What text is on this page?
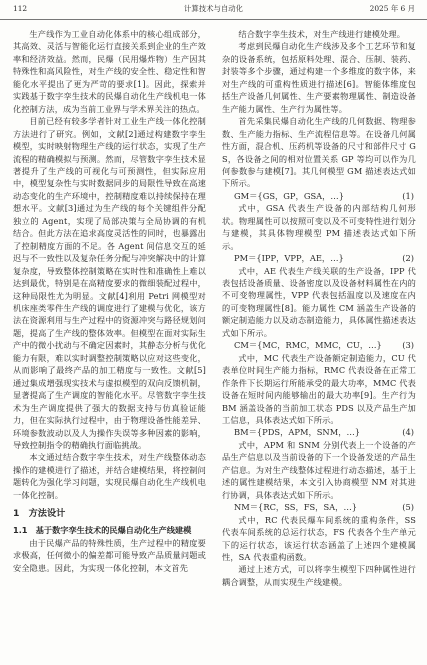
112	计算技术与自动化	2025 年 6 月

生产线作为工业自动化体系中的核心组成部分，其高效、灵活与智能化运行直接关系到企业的生产效率和经济效益。然而，民爆（民用爆炸物）生产因其特殊性和高风险性，对生产线的安全性、稳定性和智能化水平提出了更为严苛的要求[1]。因此，探索并实践基于数字孪生技术的民爆自动化生产线机电一体化控制方法，成为当前工业界与学术界关注的热点。

目前已经有较多学者针对工业生产线一体化控制方法进行了研究。例如，文献[2]通过构建数字孪生模型，实时映射物理生产线的运行状态，实现了生产流程的精确模拟与预测。然而，尽管数字孪生技术显著提升了生产线的可视化与可预测性，但实际应用中，模型复杂性与实时数据同步的局限性导致在高速动态变化的生产环境中，控制精度难以持续保持在理想水平。文献[3]通过为生产线的每个关键组件分配独立的 Agent，实现了局部决策与全局协调的有机结合。但此方法在追求高度灵活性的同时，也暴露出了控制精度方面的不足。各 Agent 间信息交互的延迟与不一致性以及复杂任务分配与冲突解决中的计算复杂度，导致整体控制策略在实时性和准确性上难以达到最优，特别是在高精度要求的微细装配过程中，这种局限性尤为明显。文献[4]利用 Petri 网模型对机床座类零件生产线的调度进行了建模与优化，该方法在资源利用与生产过程中的资源冲突与路径规划问题，提高了生产线的整体效率。但模型在面对实际生产中的微小扰动与不确定因素时，其静态分析与优化能力有限，难以实时调整控制策略以应对这些变化，从而影响了最终产品的加工精度与一致性。文献[5]通过集成增强现实技术与虚拟模型的双向反馈机制，显著提高了生产调度的智能化水平。尽管数字孪生技术为生产调度提供了强大的数据支持与仿真验证能力，但在实际执行过程中，由于物理设备性能差异、环境参数波动以及人为操作失误等多种因素的影响，导致控制指令的精确执行面临挑战。

本文通过结合数字孪生技术，对生产线整体动态操作的建模进行了描述，并结合建模结果，将控制问题转化为强化学习问题，实现民爆自动化生产线机电一体化控制。

1　方法设计
1.1　基于数字孪生技术的民爆自动化生产线建模

由于民爆产品的特殊性质，生产过程中的精度要求极高，任何微小的偏差都可能导致产品质量问题或安全隐患。因此，为实现一体化控制，本文首先

结合数字孪生技术，对生产线进行建模处理。

考虑到民爆自动化生产线涉及多个工艺环节和复杂的设备系统，包括原料处理、混合、压制、装药、封装等多个步骤，通过构建一个多维度的数字体，来对生产线的可重构性质进行描述[6]。智能体维度包括生产设备几何属性、生产要素物理属性、制造设备生产能力属性、生产行为属性等。

首先采集民爆自动化生产线的几何数据、物理参数、生产能力指标、生产流程信息等。在设备几何属性方面，混合机、压药机等设备的尺寸和部件尺寸 GS，各设备之间的相对位置关系 GP 等均可以作为几何参数参与建模[7]。其几何模型 GM 描述表达式如下所示。

GM＝{GS，GP，GSA，…}	(1)

式中，GSA 代表生产设备的内部结构几何形状。物理属性可以按照可变以及不可变特性进行划分与建模，其具体物理模型 PM 描述表达式如下所示。

PM＝{IPP，VPP，AE，…}	(2)

式中，AE 代表生产线关联的生产设备，IPP 代表包括设备质量、设备密度以及设备材料属性在内的不可变物理属性，VPP 代表包括温度以及速度在内的可变物理属性[8]。能力属性 CM 涵盖生产设备的额定制造能力以及动态制造能力，具体属性描述表达式如下所示。

CM＝{MC，RMC，MMC，CU，…} (3)

式中，MC 代表生产设备额定制造能力，CU 代表单位时间生产能力指标，RMC 代表设备在正常工作条件下长期运行所能承受的最大功率，MMC 代表设备在短时间内能够输出的最大功率[9]。生产行为 BM 涵盖设备的当前加工状态 PDS 以及产品生产加工信息，具体表达式如下所示。

BM＝{PDS，APM，SNM，…}	(4)

式中，APM 和 SNM 分别代表上一个设备的产品生产信息以及当前设备的下一个设备发送的产品生产信息。为对生产线整体过程进行动态描述，基于上述的属性建模结果，本文引入协商模型 NM 对其进行协调，具体表达式如下所示。

NM＝{RC，SS，FS，SA，…}	(5)

式中，RC 代表民爆车间系统的重构条件，SS 代表车间系统的总运行状态，FS 代表各个生产单元下的运行状态，该运行状态涵盖了上述四个建模属性，SA 代表重构函数。

通过上述方式，可以将孪生模型下四种属性进行耦合调整，从而实现生产线建模。
